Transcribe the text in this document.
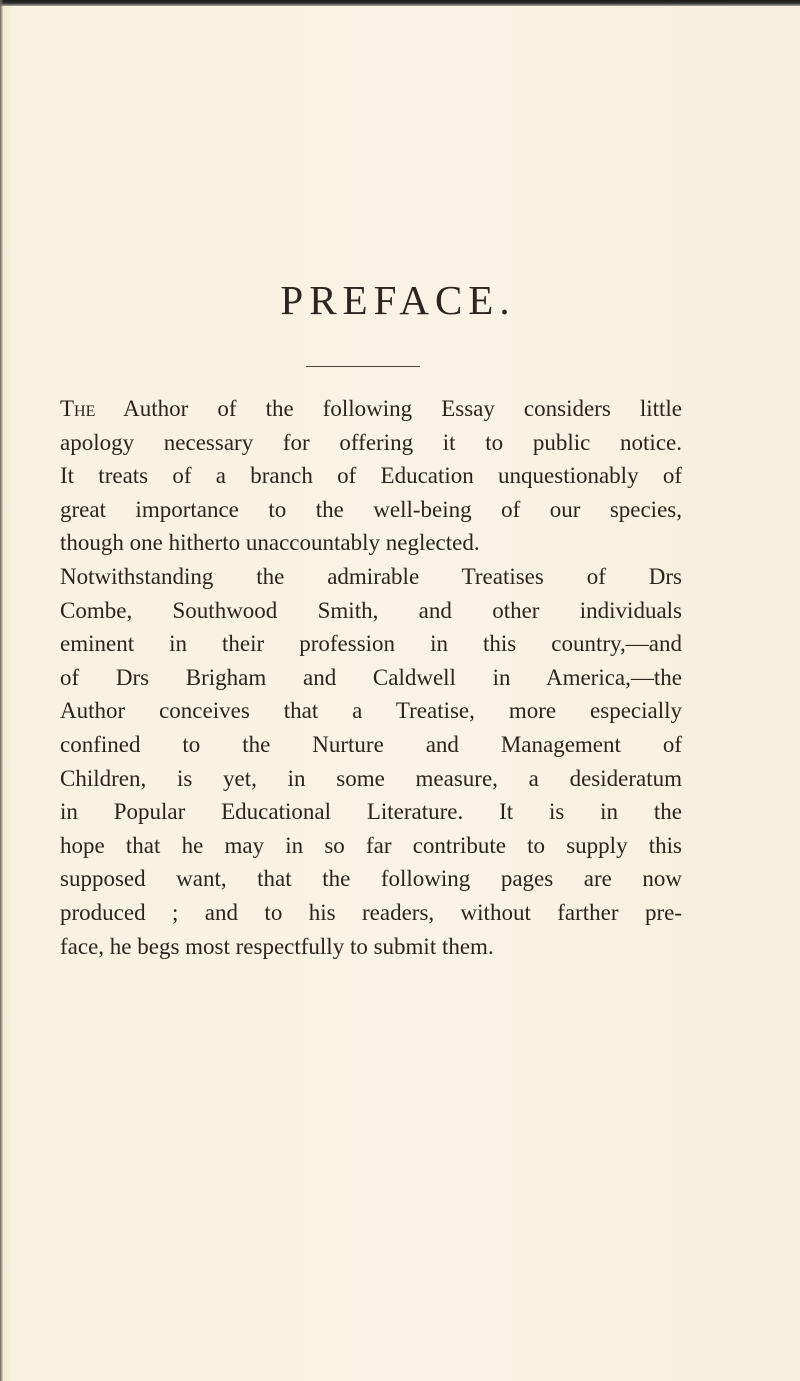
PREFACE.
The Author of the following Essay considers little
apology necessary for offering it to public notice.
It treats of a branch of Education unquestionably of
great importance to the well-being of our species,
though one hitherto unaccountably neglected.
Notwithstanding the admirable Treatises of Drs
Combe, Southwood Smith, and other individuals
eminent in their profession in this country,—and
of Drs Brigham and Caldwell in America,—the
Author conceives that a Treatise, more especially
confined to the Nurture and Management of
Children, is yet, in some measure, a desideratum
in Popular Educational Literature. It is in the
hope that he may in so far contribute to supply this
supposed want, that the following pages are now
produced ; and to his readers, without farther pre-
face, he begs most respectfully to submit them.
